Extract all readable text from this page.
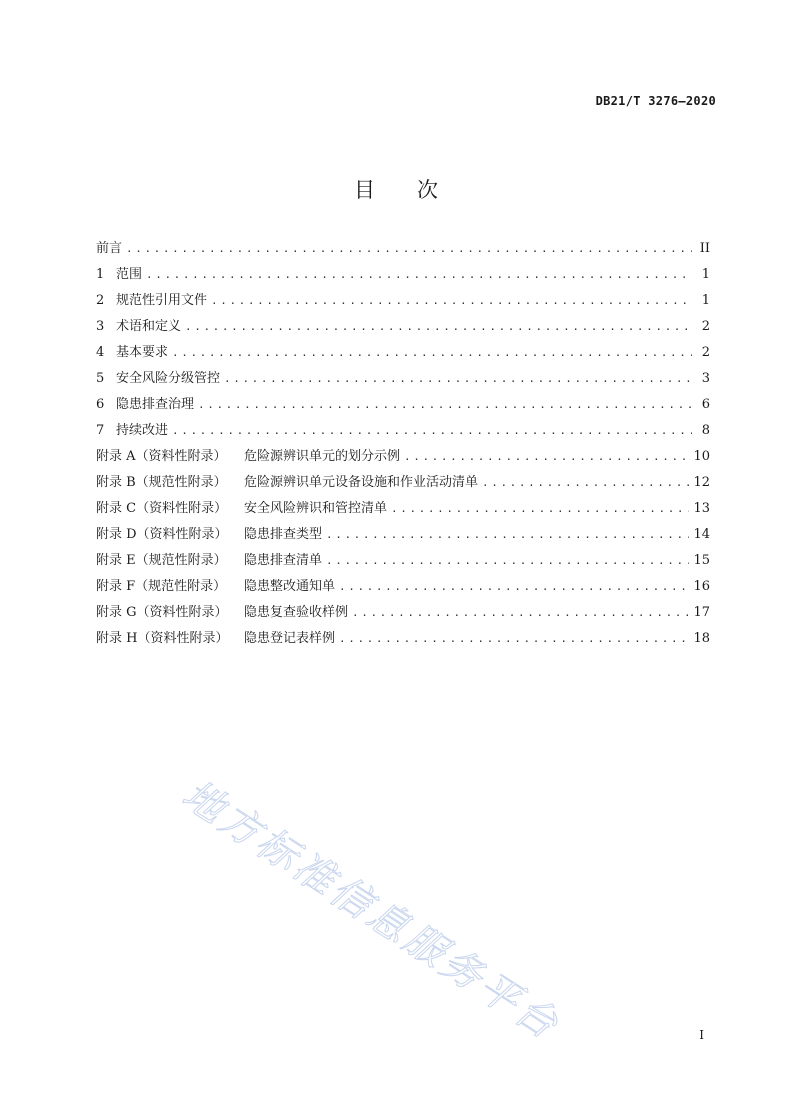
DB21/T 3276—2020
目次
前言 .....	II
1 范围 .....	1
2 规范性引用文件 .....	1
3 术语和定义 .....	2
4 基本要求 .....	2
5 安全风险分级管控 .....	3
6 隐患排查治理 .....	6
7 持续改进 .....	8
附录 A（资料性附录） 危险源辨识单元的划分示例 .....	10
附录 B（规范性附录） 危险源辨识单元设备设施和作业活动清单 .....	12
附录 C（资料性附录） 安全风险辨识和管控清单 .....	13
附录 D（资料性附录） 隐患排查类型 .....	14
附录 E（规范性附录） 隐患排查清单 .....	15
附录 F（规范性附录） 隐患整改通知单 .....	16
附录 G（资料性附录） 隐患复查验收样例 .....	17
附录 H（资料性附录） 隐患登记表样例 .....	18
地方标准信息服务平台	I
